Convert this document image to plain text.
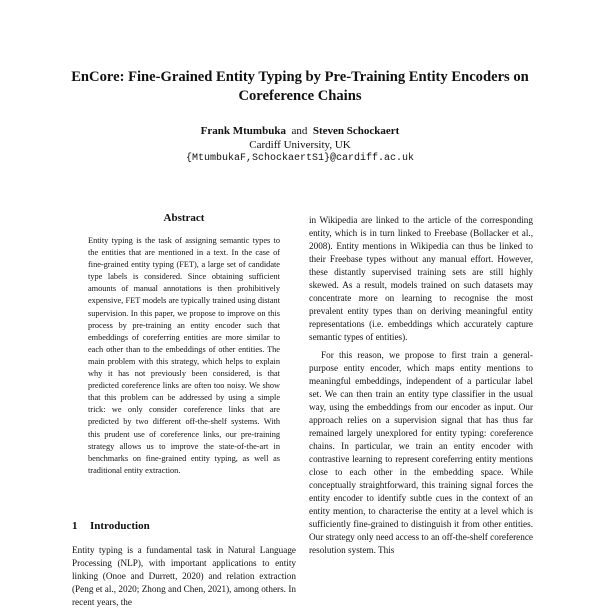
EnCore: Fine-Grained Entity Typing by Pre-Training Entity Encoders on Coreference Chains
Frank Mtumbuka and Steven Schockaert
Cardiff University, UK
{MtumbukaF,SchockaertS1}@cardiff.ac.uk
Abstract

Entity typing is the task of assigning semantic types to the entities that are mentioned in a text. In the case of fine-grained entity typing (FET), a large set of candidate type labels is considered. Since obtaining sufficient amounts of manual annotations is then prohibitively expensive, FET models are typically trained using distant supervision. In this paper, we propose to improve on this process by pre-training an entity encoder such that embeddings of coreferring entities are more similar to each other than to the embeddings of other entities. The main problem with this strategy, which helps to explain why it has not previously been considered, is that predicted coreference links are often too noisy. We show that this problem can be addressed by using a simple trick: we only consider coreference links that are predicted by two different off-the-shelf systems. With this prudent use of coreference links, our pre-training strategy allows us to improve the state-of-the-art in benchmarks on fine-grained entity typing, as well as traditional entity extraction.

1 Introduction

Entity typing is a fundamental task in Natural Language Processing (NLP), with important applications to entity linking (Onoe and Durrett, 2020) and relation extraction (Peng et al., 2020; Zhong and Chen, 2021), among others. In recent years, the

in Wikipedia are linked to the article of the corresponding entity, which is in turn linked to Freebase (Bollacker et al., 2008). Entity mentions in Wikipedia can thus be linked to their Freebase types without any manual effort. However, these distantly supervised training sets are still highly skewed. As a result, models trained on such datasets may concentrate more on learning to recognise the most prevalent entity types than on deriving meaningful entity representations (i.e. embeddings which accurately capture semantic types of entities).

For this reason, we propose to first train a general-purpose entity encoder, which maps entity mentions to meaningful embeddings, independent of a particular label set. We can then train an entity type classifier in the usual way, using the embeddings from our encoder as input. Our approach relies on a supervision signal that has thus far remained largely unexplored for entity typing: coreference chains. In particular, we train an entity encoder with contrastive learning to represent coreferring entity mentions close to each other in the embedding space. While conceptually straightforward, this training signal forces the entity encoder to identify subtle cues in the context of an entity mention, to characterise the entity at a level which is sufficiently fine-grained to distinguish it from other entities. Our strategy only need access to an off-the-shelf coreference resolution system. This
